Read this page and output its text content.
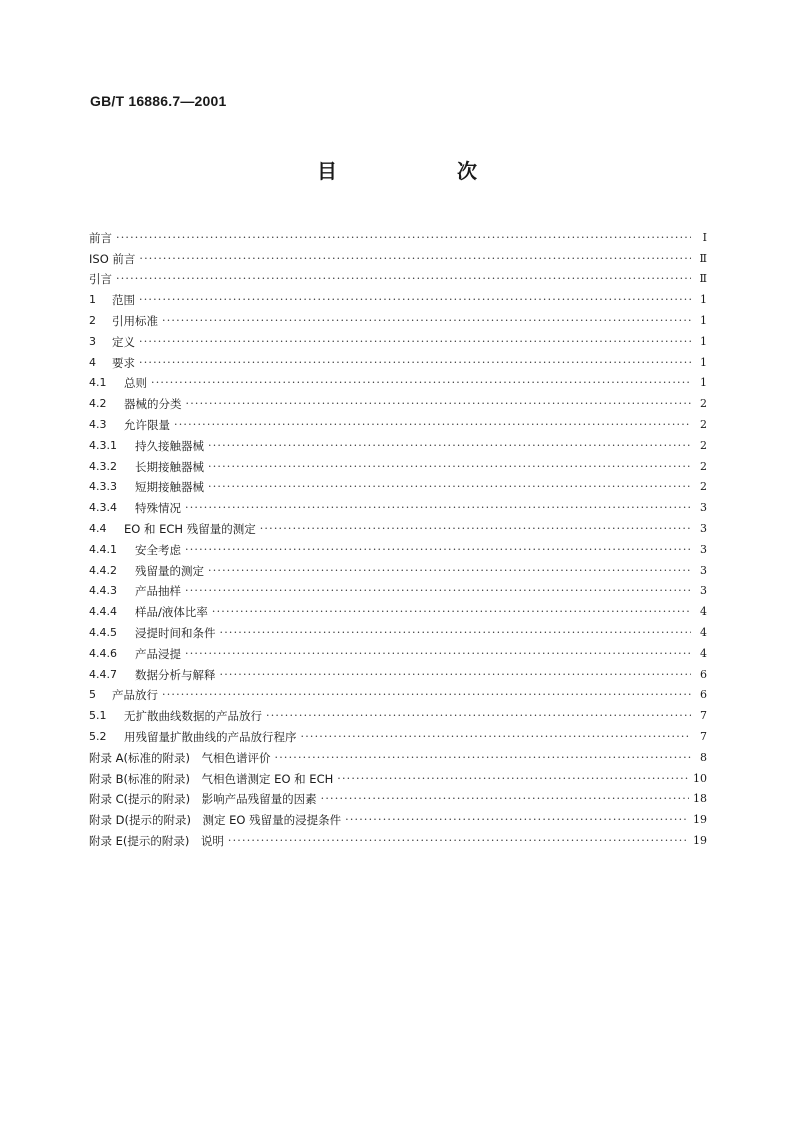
GB/T 16886.7—2001
目　次
前言 ·····	I
ISO 前言 ·····	Ⅱ
引言 ·····	Ⅱ
1	范围 ·····	1
2	引用标准 ·····	1
3	定义 ·····	1
4	要求 ·····	1
4.1	总则 ·····	1
4.2	器械的分类 ·····	2
4.3	允许限量 ·····	2
4.3.1	持久接触器械 ·····	2
4.3.2	长期接触器械 ·····	2
4.3.3	短期接触器械 ·····	2
4.3.4	特殊情况 ·····	3
4.4	EO 和 ECH 残留量的测定 ·····	3
4.4.1	安全考虑 ·····	3
4.4.2	残留量的测定 ·····	3
4.4.3	产品抽样 ·····	3
4.4.4	样品/液体比率 ·····	4
4.4.5	浸提时间和条件 ·····	4
4.4.6	产品浸提 ·····	4
4.4.7	数据分析与解释 ·····	6
5	产品放行 ·····	6
5.1	无扩散曲线数据的产品放行 ·····	7
5.2	用残留量扩散曲线的产品放行程序 ·····	7
附录 A(标准的附录)　气相色谱评价 ·····	8
附录 B(标准的附录)　气相色谱测定 EO 和 ECH ·····	10
附录 C(提示的附录)　影响产品残留量的因素 ·····	18
附录 D(提示的附录)　测定 EO 残留量的浸提条件 ·····	19
附录 E(提示的附录)　说明 ·····	19
